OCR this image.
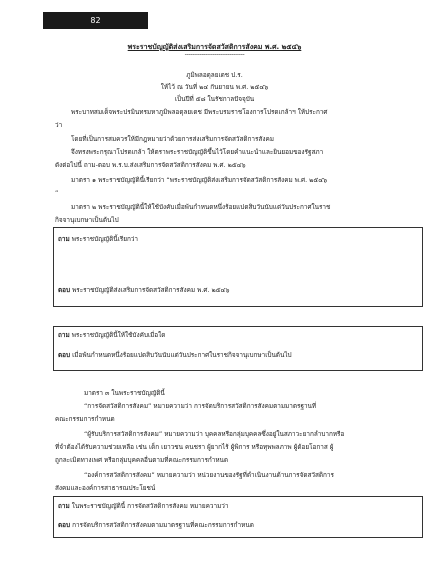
82
พระราชบัญญัติส่งเสริมการจัดสวัสดิการสังคม พ.ศ. ๒๕๔๖
--------------------------------
ภูมิพลอดุลยเดช ป.ร.
ให้ไว้ ณ วันที่ ๒๔ กันยายน พ.ศ. ๒๕๔๖
เป็นปีที่ ๕๘ ในรัชกาลปัจจุบัน
พระบาทสมเด็จพระปรมินทรมหาภูมิพลอดุลยเดช มีพระบรมราชโองการโปรดเกล้าฯ ให้ประกาศ
ว่า
โดยที่เป็นการสมควรให้มีกฎหมายว่าด้วยการส่งเสริมการจัดสวัสดิการสังคม
จึงทรงพระกรุณาโปรดเกล้า ให้ตราพระราชบัญญัติขึ้นไว้โดยคำแนะนำและยินยอมของรัฐสภา
ดังต่อไปนี้ ถาม-ตอบ พ.ร.บ.ส่งเสริมการจัดสวัสดิการสังคม พ.ศ. ๒๕๔๖
มาตรา ๑ พระราชบัญญัตินี้เรียกว่า “พระราชบัญญัติส่งเสริมการจัดสวัสดิการสังคม พ.ศ. ๒๕๔๖
”
มาตรา ๒ พระราชบัญญัตินี้ให้ใช้บังคับเมื่อพ้นกำหนดหนึ่งร้อยแปดสิบวันนับแต่วันประกาศในราช
กิจจานุเบกษาเป็นต้นไป
ถาม พระราชบัญญัตินี้เรียกว่า
ตอบ พระราชบัญญัติส่งเสริมการจัดสวัสดิการสังคม พ.ศ. ๒๕๔๖
ถาม พระราชบัญญัตินี้ให้ใช้บังคับเมื่อใด
ตอบ เมื่อพ้นกำหนดหนึ่งร้อยแปดสิบวันนับแต่วันประกาศในราชกิจจานุเบกษาเป็นต้นไป
มาตรา ๓ ในพระราชบัญญัตินี้
“การจัดสวัสดิการสังคม” หมายความว่า การจัดบริการสวัสดิการสังคมตามมาตรฐานที่
คณะกรรมการกำหนด
“ผู้รับบริการสวัสดิการสังคม” หมายความว่า บุคคลหรือกลุ่มบุคคลซึ่งอยู่ในสภาวะยากลำบากหรือ
ที่จำต้องได้รับความช่วยเหลือ เช่น เด็ก เยาวชน คนชรา ผู้ยากไร้ ผู้พิการ หรือทุพพลภาพ ผู้ด้อยโอกาส ผู้
ถูกละเมิดทางเพศ หรือกลุ่มบุคคลอื่นตามที่คณะกรรมการกำหนด
“องค์การสวัสดิการสังคม” หมายความว่า หน่วยงานของรัฐที่ดำเนินงานด้านการจัดสวัสดิการ
สังคมและองค์การสาธารณประโยชน์
ถาม ในพระราชบัญญัตินี้ การจัดสวัสดิการสังคม หมายความว่า
ตอบ การจัดบริการสวัสดิการสังคมตามมาตรฐานที่คณะกรรมการกำหนด
